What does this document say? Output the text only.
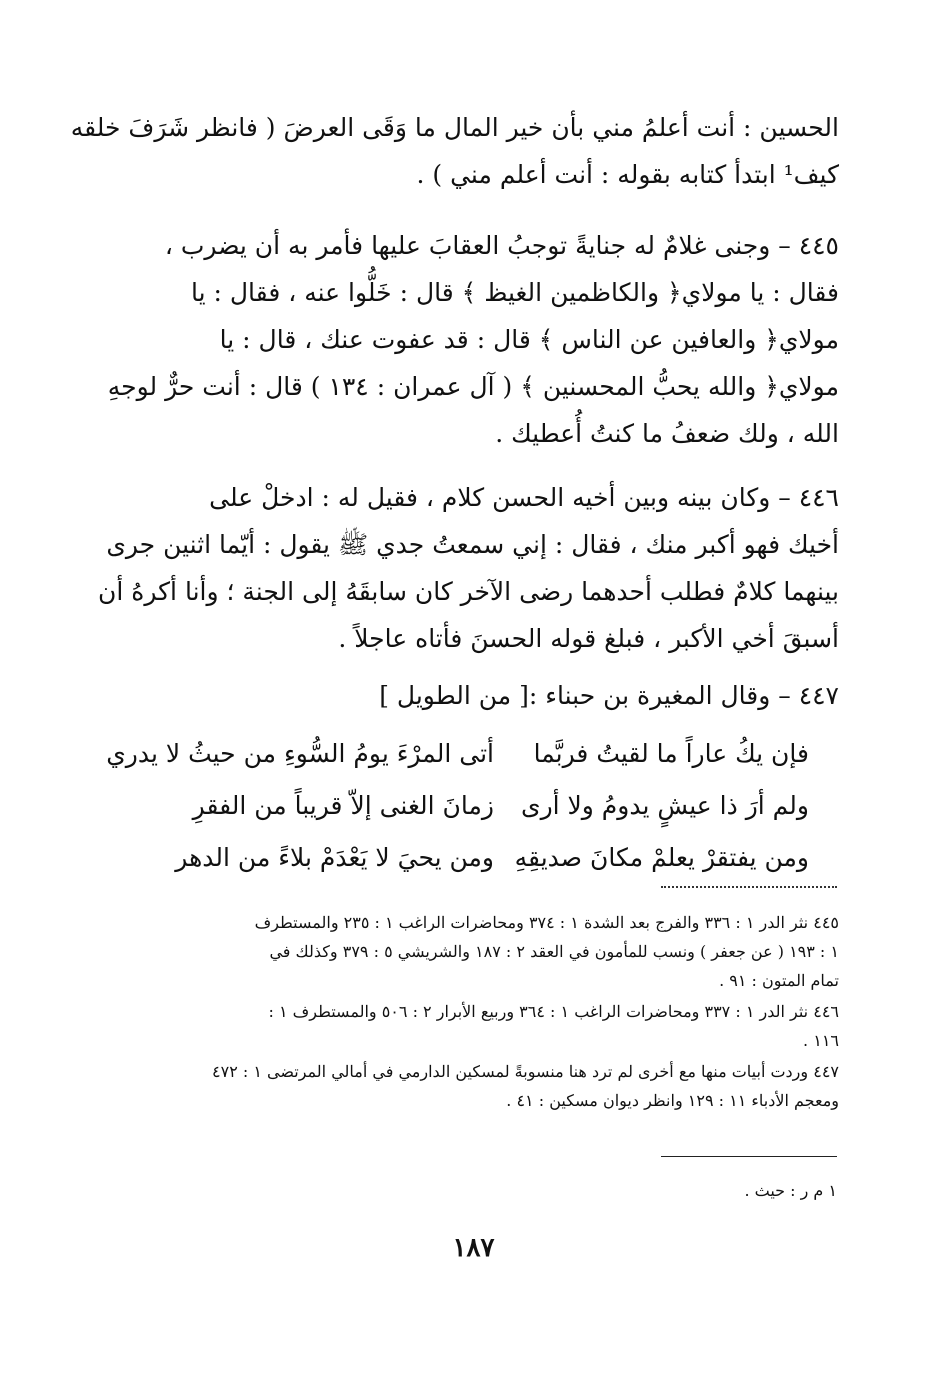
الحسين : أنت أعلمُ مني بأن خير المال ما وَقَى العرضَ ( فانظر شَرَفَ خلقه
كيف¹ ابتدأ كتابه بقوله : أنت أعلم مني ) .
٤٤٥ – وجنى غلامٌ له جنايةً توجبُ العقابَ عليها فأمر به أن يضرب ،
فقال : يا مولاي﴿ والكاظمين الغيظ ﴾ قال : خَلُّوا عنه ، فقال : يا
مولاي﴿ والعافين عن الناس ﴾ قال : قد عفوت عنك ، قال : يا
مولاي﴿ والله يحبُّ المحسنين ﴾ ( آل عمران : ١٣٤ ) قال : أنت حرٌّ لوجهِ
الله ، ولك ضعفُ ما كنتُ أُعطيك .
٤٤٦ – وكان بينه وبين أخيه الحسن كلام ، فقيل له : ادخلْ على
أخيك فهو أكبر منك ، فقال : إني سمعتُ جدي ﷺ يقول : أيّما اثنين جرى
بينهما كلامٌ فطلب أحدهما رضى الآخر كان سابقَهُ إلى الجنة ؛ وأنا أكرهُ أن
أسبقَ أخي الأكبر ، فبلغ قوله الحسنَ فأتاه عاجلاً .
٤٤٧ – وقال المغيرة بن حبناء :[ من الطويل ]
فإن يكُ عاراً ما لقيتُ فربَّما
أتى المرْءَ يومُ السُّوءِ من حيثُ لا يدري
ولم أرَ ذا عيشٍ يدومُ ولا أرى
زمانَ الغنى إلاّ قريباً من الفقرِ
ومن يفتقرْ يعلمْ مكانَ صديقِهِ
ومن يحيَ لا يَعْدَمْ بلاءً من الدهر
٤٤٥ نثر الدر ١ : ٣٣٦ والفرج بعد الشدة ١ : ٣٧٤ ومحاضرات الراغب ١ : ٢٣٥ والمستطرف
١ : ١٩٣ ( عن جعفر ) ونسب للمأمون في العقد ٢ : ١٨٧ والشريشي ٥ : ٣٧٩ وكذلك في
تمام المتون : ٩١ .
٤٤٦ نثر الدر ١ : ٣٣٧ ومحاضرات الراغب ١ : ٣٦٤ وربيع الأبرار ٢ : ٥٠٦ والمستطرف ١ :
١١٦ .
٤٤٧ وردت أبيات منها مع أخرى لم ترد هنا منسوبةً لمسكين الدارمي في أمالي المرتضى ١ : ٤٧٢
ومعجم الأدباء ١١ : ١٢٩ وانظر ديوان مسكين : ٤١ .
١ م ر : حيث .
١٨٧
